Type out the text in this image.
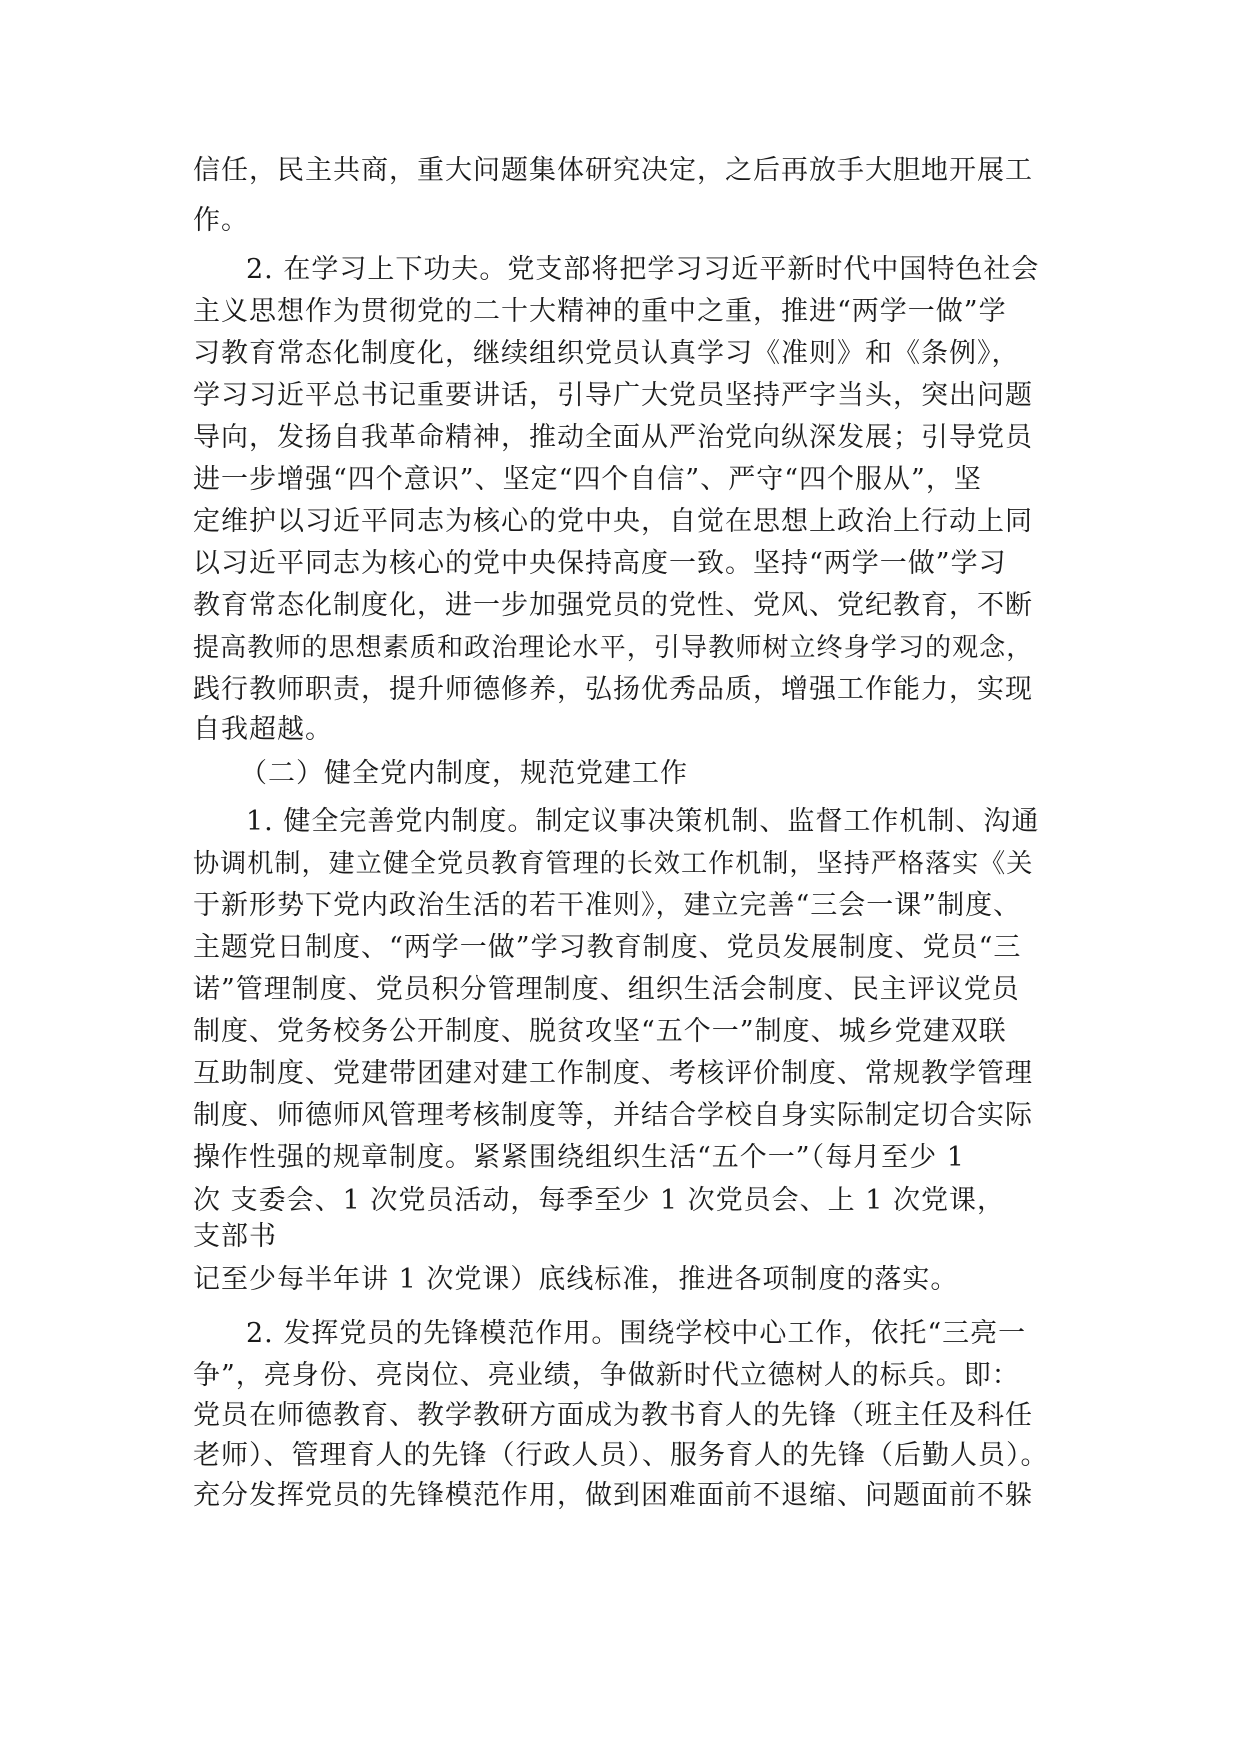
信任，民主共商，重大问题集体研究决定，之后再放手大胆地开展工
作。
2. 在学习上下功夫。党支部将把学习习近平新时代中国特色社会
主义思想作为贯彻党的二十大精神的重中之重，推进“两学一做”学
习教育常态化制度化，继续组织党员认真学习《准则》和《条例》，
学习习近平总书记重要讲话，引导广大党员坚持严字当头，突出问题
导向，发扬自我革命精神，推动全面从严治党向纵深发展；引导党员
进一步增强“四个意识”、坚定“四个自信”、严守“四个服从”，坚
定维护以习近平同志为核心的党中央，自觉在思想上政治上行动上同
以习近平同志为核心的党中央保持高度一致。坚持“两学一做”学习
教育常态化制度化，进一步加强党员的党性、党风、党纪教育，不断
提高教师的思想素质和政治理论水平，引导教师树立终身学习的观念，
践行教师职责，提升师德修养，弘扬优秀品质，增强工作能力，实现
自我超越。
（二）健全党内制度，规范党建工作
1. 健全完善党内制度。制定议事决策机制、监督工作机制、沟通
协调机制，建立健全党员教育管理的长效工作机制，坚持严格落实《关
于新形势下党内政治生活的若干准则》，建立完善“三会一课”制度、
主题党日制度、“两学一做”学习教育制度、党员发展制度、党员“三
诺”管理制度、党员积分管理制度、组织生活会制度、民主评议党员
制度、党务校务公开制度、脱贫攻坚“五个一”制度、城乡党建双联
互助制度、党建带团建对建工作制度、考核评价制度、常规教学管理
制度、师德师风管理考核制度等，并结合学校自身实际制定切合实际
操作性强的规章制度。紧紧围绕组织生活“五个一”（每月至少 1
次 支委会、1 次党员活动，每季至少 1 次党员会、上 1 次党课，
支部书
记至少每半年讲 1 次党课）底线标准，推进各项制度的落实。
2. 发挥党员的先锋模范作用。围绕学校中心工作，依托“三亮一
争”，亮身份、亮岗位、亮业绩，争做新时代立德树人的标兵。即：
党员在师德教育、教学教研方面成为教书育人的先锋（班主任及科任
老师）、管理育人的先锋（行政人员）、服务育人的先锋（后勤人员）。
充分发挥党员的先锋模范作用，做到困难面前不退缩、问题面前不躲
